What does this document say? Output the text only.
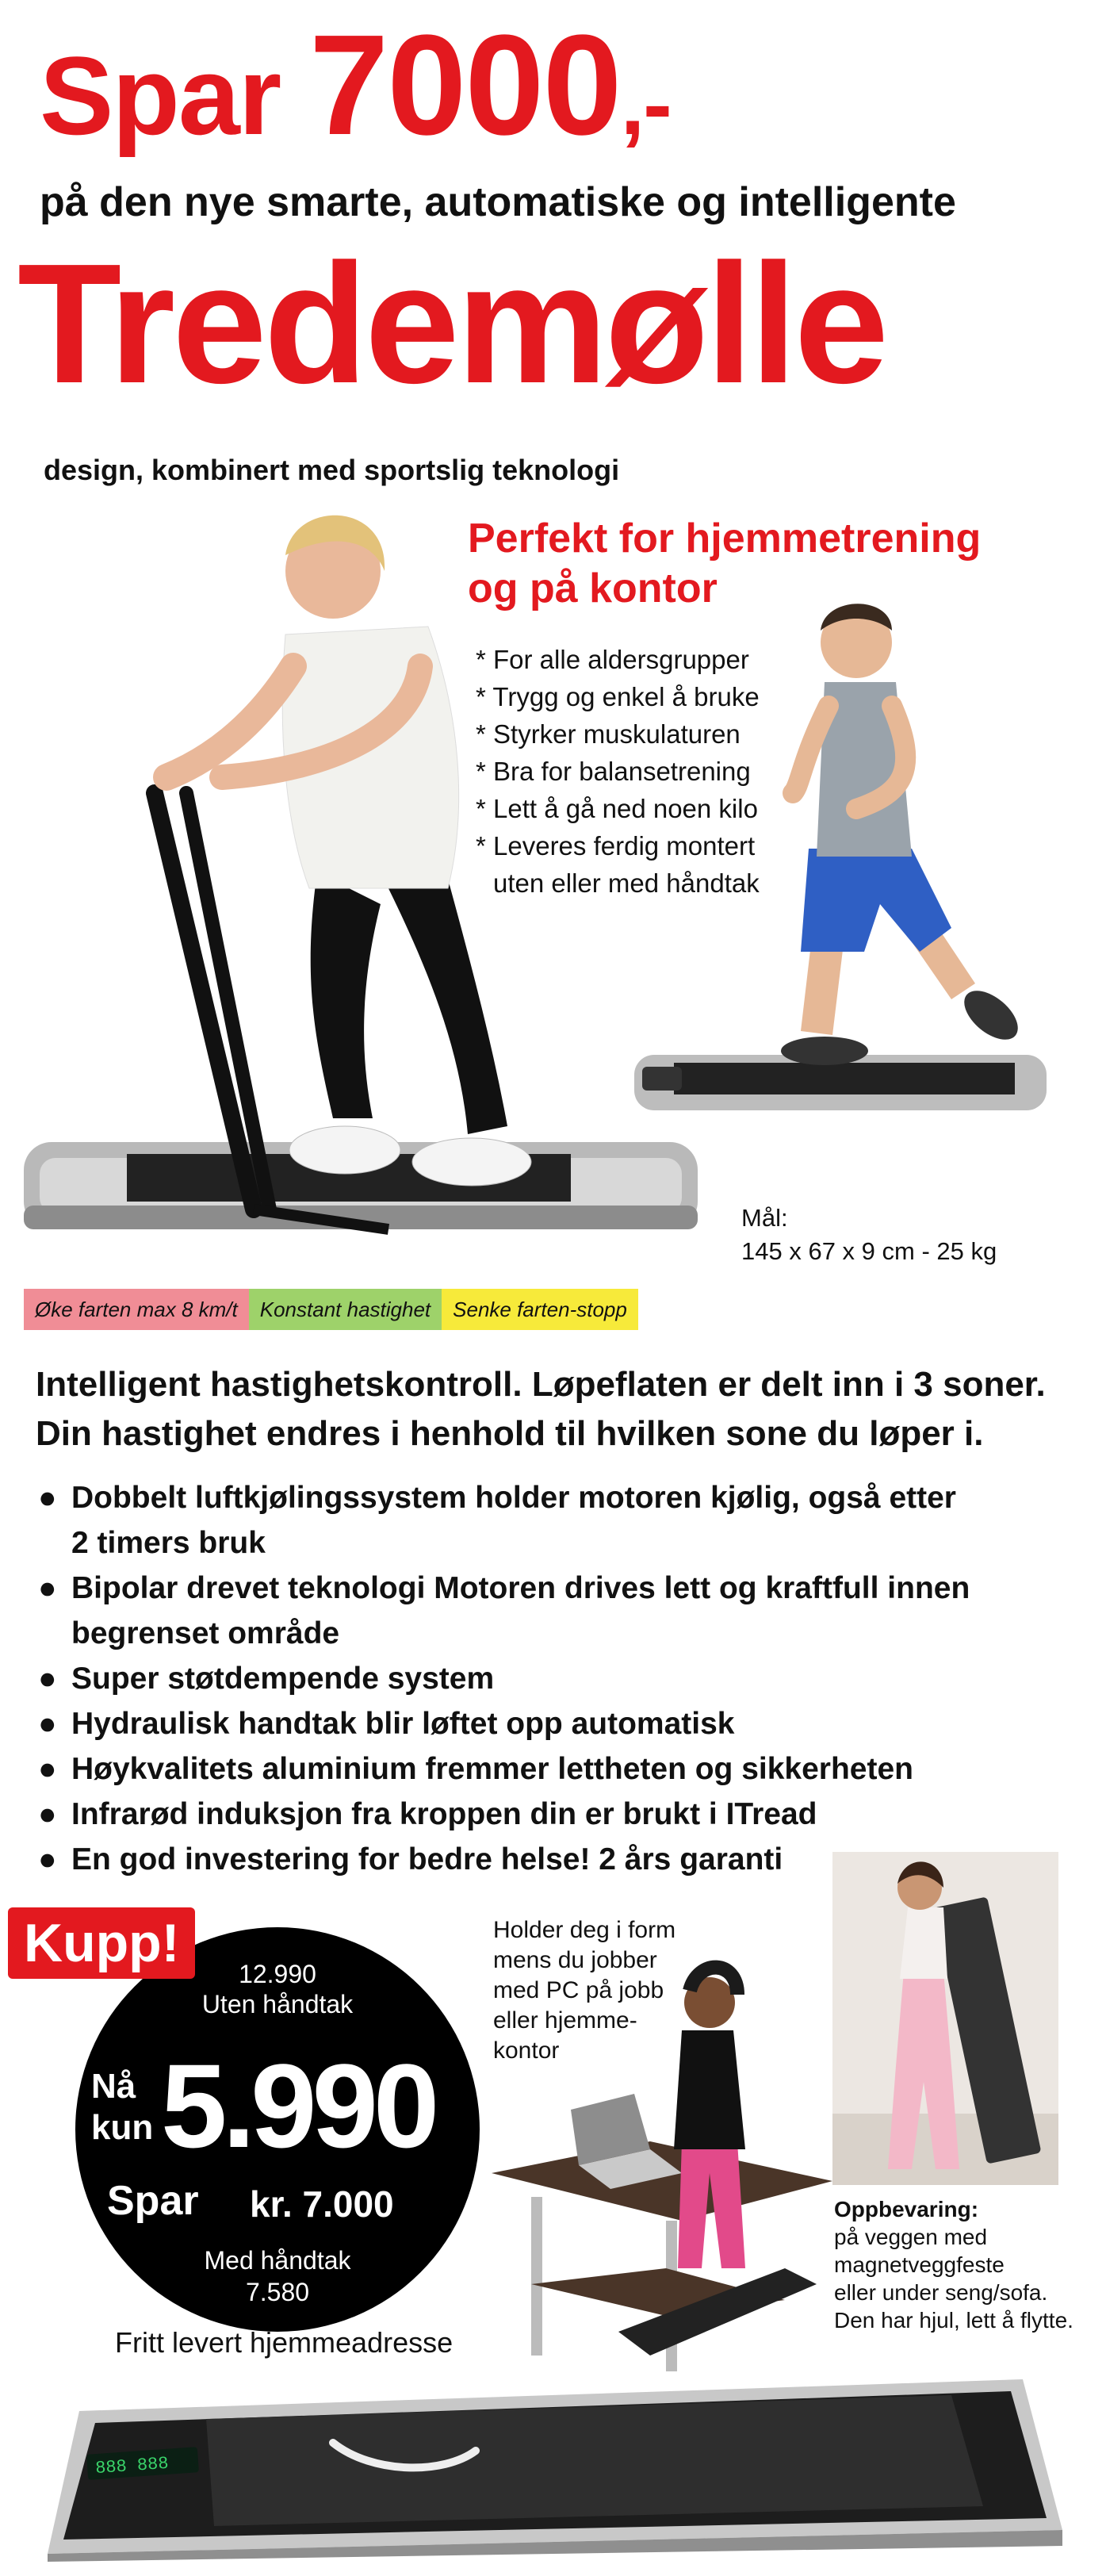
Spar 7000,-
på den nye smarte, automatiske og intelligente
Tredemølle
design, kombinert med sportslig teknologi
Perfekt for hjemmetrening
og på kontor
* For alle aldersgrupper
* Trygg og enkel å bruke
* Styrker muskulaturen
* Bra for balansetrening
* Lett å gå ned noen kilo
* Leveres ferdig montert
uten eller med håndtak
Mål:
145 x 67 x 9 cm - 25 kg
Øke farten max 8 km/t	Konstant hastighet	Senke farten-stopp
Intelligent hastighetskontroll. Løpeflaten er delt inn i 3 soner.
Din hastighet endres i henhold til hvilken sone du løper i.
● Dobbelt luftkjølingssystem holder motoren kjølig, også etter
2 timers bruk
● Bipolar drevet teknologi Motoren drives lett og kraftfull innen
begrenset område
● Super støtdempende system
● Hydraulisk handtak blir løftet opp automatisk
● Høykvalitets aluminium fremmer lettheten og sikkerheten
● Infrarød induksjon fra kroppen din er brukt i ITread
● En god investering for bedre helse! 2 års garanti
12.990
Uten håndtak
Nå
kun 5.990
Spar kr. 7.000
Med håndtak
7.580
Kupp!
Fritt levert hjemmeadresse
Holder deg i form
mens du jobber
med PC på jobb
eller hjemme-
kontor
Oppbevaring:
på veggen med
magnetveggfeste
eller under seng/sofa.
Den har hjul, lett å flytte.
888 888
